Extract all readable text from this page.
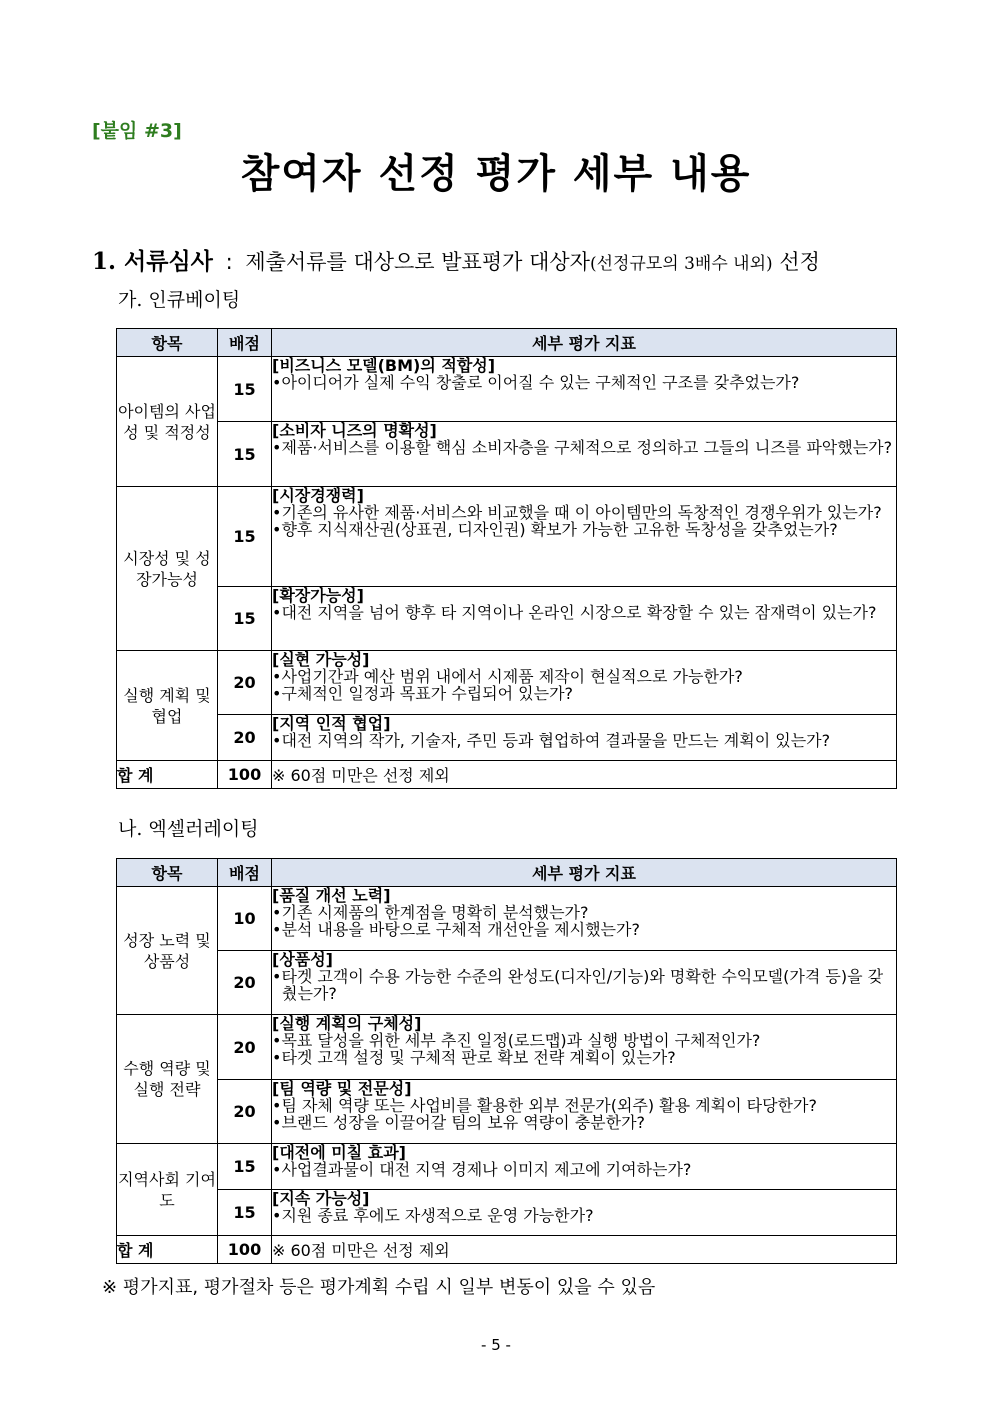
[붙임 #3]
참여자 선정 평가 세부 내용
1. 서류심사 : 제출서류를 대상으로 발표평가 대상자(선정규모의 3배수 내외) 선정
가. 인큐베이팅
항목	배점	세부 평가 지표
아이템의 사업성 및 적정성	15	[비즈니스 모델(BM)의 적합성]
•아이디어가 실제 수익 창출로 이어질 수 있는 구체적인 구조를 갖추었는가?

	15	[소비자 니즈의 명확성]
•제품·서비스를 이용할 핵심 소비자층을 구체적으로 정의하고 그들의 니즈를 파악했는가?

시장성 및 성장가능성	15	[시장경쟁력]
•기존의 유사한 제품·서비스와 비교했을 때 이 아이템만의 독창적인 경쟁우위가 있는가?
•향후 지식재산권(상표권, 디자인권) 확보가 가능한 고유한 독창성을 갖추었는가?

	15	[확장가능성]
•대전 지역을 넘어 향후 타 지역이나 온라인 시장으로 확장할 수 있는 잠재력이 있는가?

실행 계획 및 협업	20	[실현 가능성]
•사업기간과 예산 범위 내에서 시제품 제작이 현실적으로 가능한가?
•구체적인 일정과 목표가 수립되어 있는가?

	20	[지역 인적 협업]
•대전 지역의 작가, 기술자, 주민 등과 협업하여 결과물을 만드는 계획이 있는가?

합 계	100	※ 60점 미만은 선정 제외
나. 엑셀러레이팅
항목	배점	세부 평가 지표
성장 노력 및 상품성	10	[품질 개선 노력]
•기존 시제품의 한계점을 명확히 분석했는가?
•분석 내용을 바탕으로 구체적 개선안을 제시했는가?

	20	[상품성]
•타겟 고객이 수용 가능한 수준의 완성도(디자인/기능)와 명확한 수익모델(가격 등)을 갖췄는가?

수행 역량 및 실행 전략	20	[실행 계획의 구체성]
•목표 달성을 위한 세부 추진 일정(로드맵)과 실행 방법이 구체적인가?
•타겟 고객 설정 및 구체적 판로 확보 전략 계획이 있는가?

	20	[팀 역량 및 전문성]
•팀 자체 역량 또는 사업비를 활용한 외부 전문가(외주) 활용 계획이 타당한가?
•브랜드 성장을 이끌어갈 팀의 보유 역량이 충분한가?

지역사회 기여도	15	[대전에 미칠 효과]
•사업결과물이 대전 지역 경제나 이미지 제고에 기여하는가?

	15	[지속 가능성]
•지원 종료 후에도 자생적으로 운영 가능한가?

합 계	100	※ 60점 미만은 선정 제외
※ 평가지표, 평가절차 등은 평가계획 수립 시 일부 변동이 있을 수 있음
- 5 -
